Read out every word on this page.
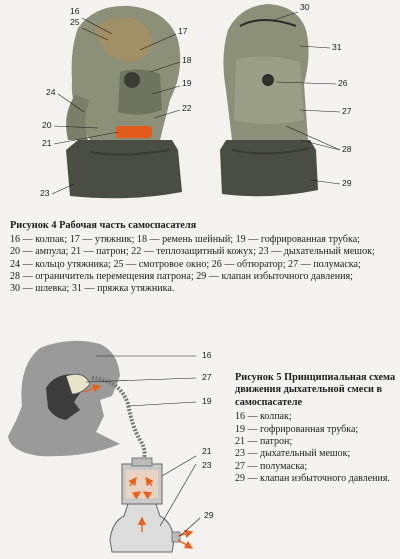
16
25
17
18
19
24
22
20
21
23
30
31
26
27
28
29
Рисунок 4 Рабочая часть самоспасателя
16 — колпак; 17 — утяжник; 18 — ремень шейный; 19 — гофрированная трубка;
20 — ампула; 21 — патрон; 22 — теплозащитный кожух; 23 — дыхательный мешок;
24 — кольцо утяжника; 25 — смотровое окно; 26 — обтюратор; 27 — полумаска;
28 — ограничитель перемещения патрона; 29 — клапан избыточного давления;
30 — шлевка; 31 — пряжка утяжника.
16
27
19
21
23
29
Рисунок 5 Принципиальная схема движения дыхательной смеси в самоспасателе
16 — колпак;
19 — гофрированная трубка;
21 — патрон;
23 — дыхательный мешок;
27 — полумаска;
29 — клапан избыточного давления.
